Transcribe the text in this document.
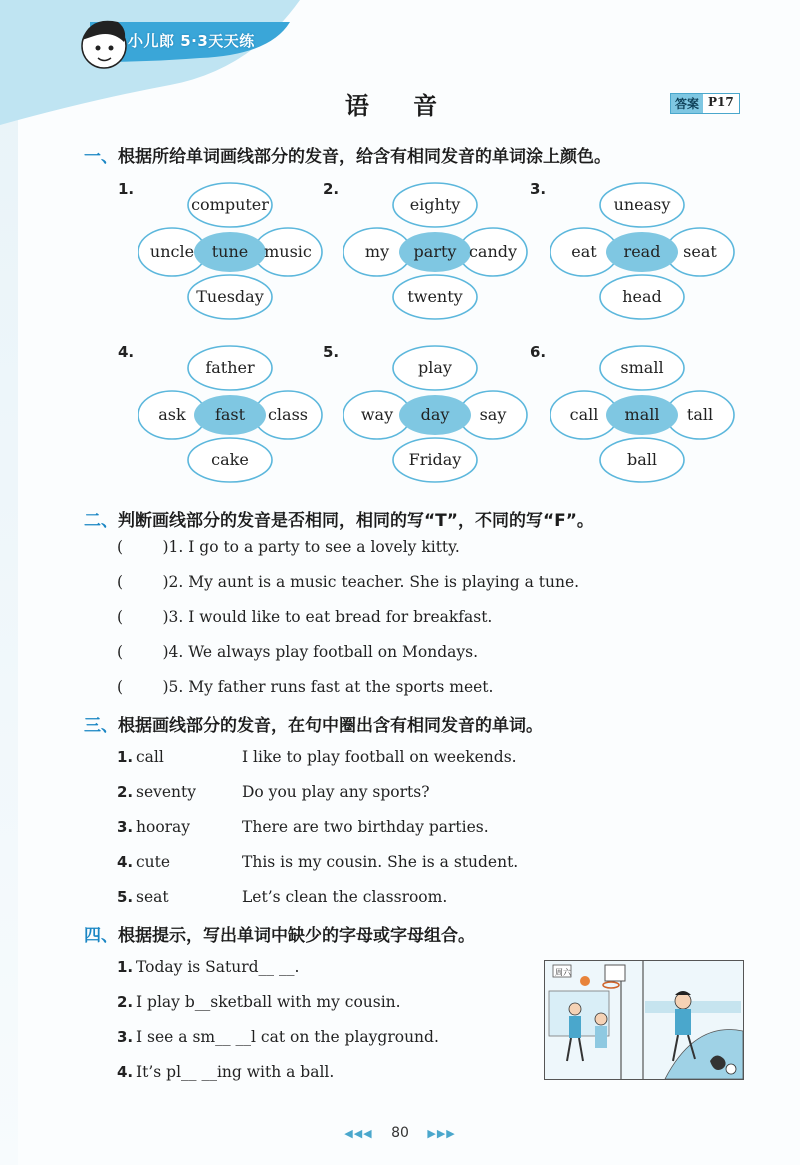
小儿郎 5·3天天练
语 音	答案 P17
一、根据所给单词画线部分的发音，给含有相同发音的单词涂上颜色。
1.
tune
computer
Tuesday
uncle	music
2.
party
eighty
twenty
my	candy
3.
read
uneasy
head
eat	seat
4.
fast
father
cake
ask	class
5.
day
play
Friday
way	say
6.
mall
small
ball
call	tall
二、判断画线部分的发音是否相同，相同的写“T”，不同的写“F”。
(        )1. I go to a party to see a lovely kitty.
(        )2. My aunt is a music teacher. She is playing a tune.
(        )3. I would like to eat bread for breakfast.
(        )4. We always play football on Mondays.
(        )5. My father runs fast at the sports meet.
三、根据画线部分的发音，在句中圈出含有相同发音的单词。
1. call	I like to play football on weekends.
2. seventy	Do you play any sports?
3. hooray	There are two birthday parties.
4. cute	This is my cousin. She is a student.
5. seat	Let’s clean the classroom.
四、根据提示，写出单词中缺少的字母或字母组合。
1. Today is Saturd__ __.
2. I play b__sketball with my cousin.
3. I see a sm__ __l cat on the playground.
4. It’s pl__ __ing with a ball.
周六
◀◀◀ 80 ▶▶▶
